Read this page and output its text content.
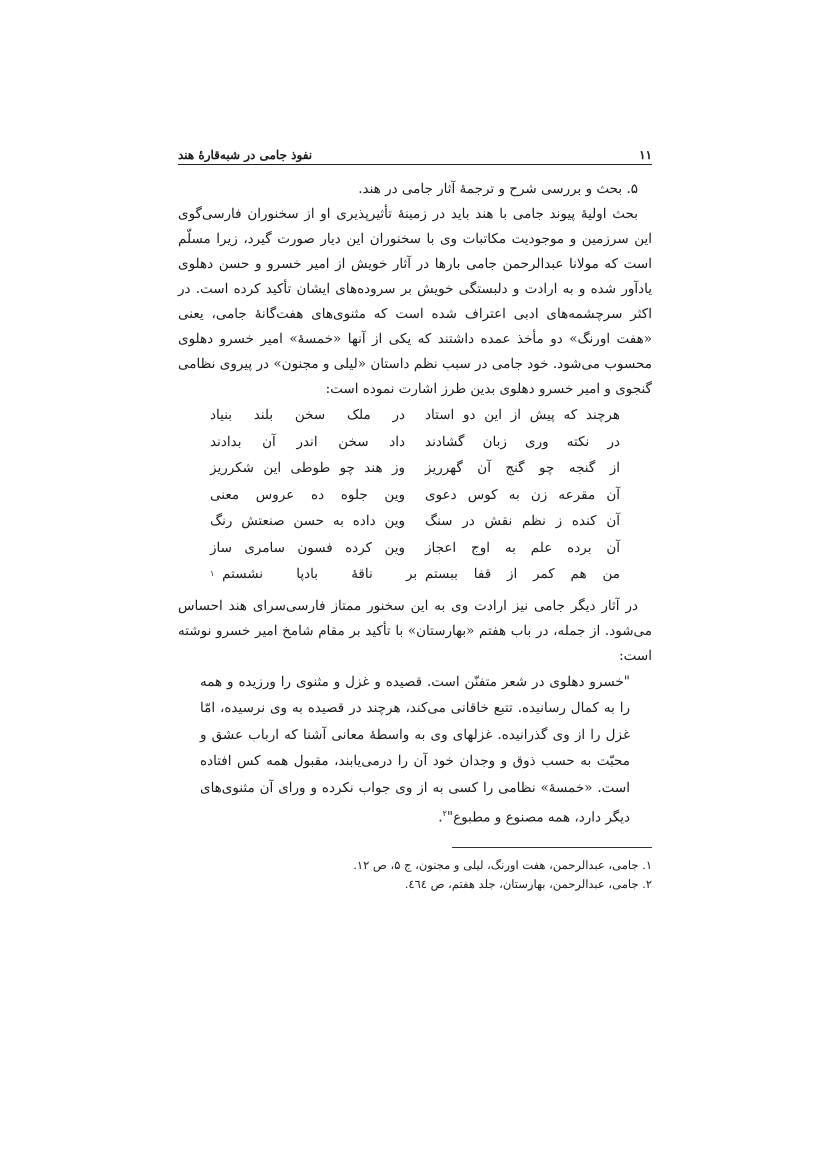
۱۱
نفوذ جامی در شبه‌قارۀ هند

۵. بحث و بررسی شرح و ترجمۀ آثار جامی در هند.

بحث اولیۀ پیوند جامی با هند باید در زمینۀ تأثیرپذیری او از سخنوران فارسی‌گوی این سرزمین و موجودیت مکاتبات وی با سخنوران این دیار صورت گیرد، زیرا مسلّم است که مولانا عبدالرحمن جامی بارها در آثار خویش از امیر خسرو و حسن دهلوی یادآور شده و به ارادت و دلبستگی خویش بر سروده‌های ایشان تأکید کرده است. در اکثر سرچشمه‌های ادبی اعتراف شده است که مثنوی‌های هفت‌گانۀ جامی، یعنی «هفت اورنگ» دو مأخذ عمده داشتند که یکی از آنها «خمسۀ» امیر خسرو دهلوی محسوب می‌شود. خود جامی در سبب نظم داستان «لیلی و مجنون» در پیروی نظامی گنجوی و امیر خسرو دهلوی بدین طرز اشارت نموده است:

هرچند که پیش از این دو استاد
در ملک سخن بلند بنیاد
در نکته وری زبان گشادند
داد سخن اندر آن بدادند
از گنجه چو گنج آن گهرریز
وز هند چو طوطی این شکرریز
آن مقرعه زن به کوس دعوی
وین جلوه ده عروس معنی
آن کنده ز نظم نقش در سنگ
وین داده به حسن صنعتش رنگ
آن برده علم به اوج اعجاز
وین کرده فسون سامری ساز
من هم کمر از قفا ببستم
بر ناقۀ بادپا نشستم
۱

در آثار دیگر جامی نیز ارادت وی به این سخنور ممتاز فارسی‌سرای هند احساس می‌شود. از جمله، در باب هفتم «بهارستان» با تأکید بر مقام شامخ امیر خسرو نوشته است:

"خسرو دهلوی در شعر متفنّن است. قصیده و غزل و مثنوی را ورزیده و همه را به کمال رسانیده. تتبع خاقانی می‌کند، هرچند در قصیده به وی نرسیده، امّا غزل را از وی گذرانیده. غزلهای وی به واسطۀ معانی آشنا که ارباب عشق و محبّت به حسب ذوق و وجدان خود آن را درمی‌یابند، مقبول همه کس افتاده است. «خمسۀ» نظامی را کسی به از وی جواب نکرده و ورای آن مثنوی‌های دیگر دارد، همه مصنوع و مطبوع"$^۲$.
۱. جامی، عبدالرحمن، هفت اورنگ، لیلی و مجنون، ج ۵، ص ۱۲.
۲. جامی، عبدالرحمن، بهارستان، جلد هفتم، ص ٤٦٤.
